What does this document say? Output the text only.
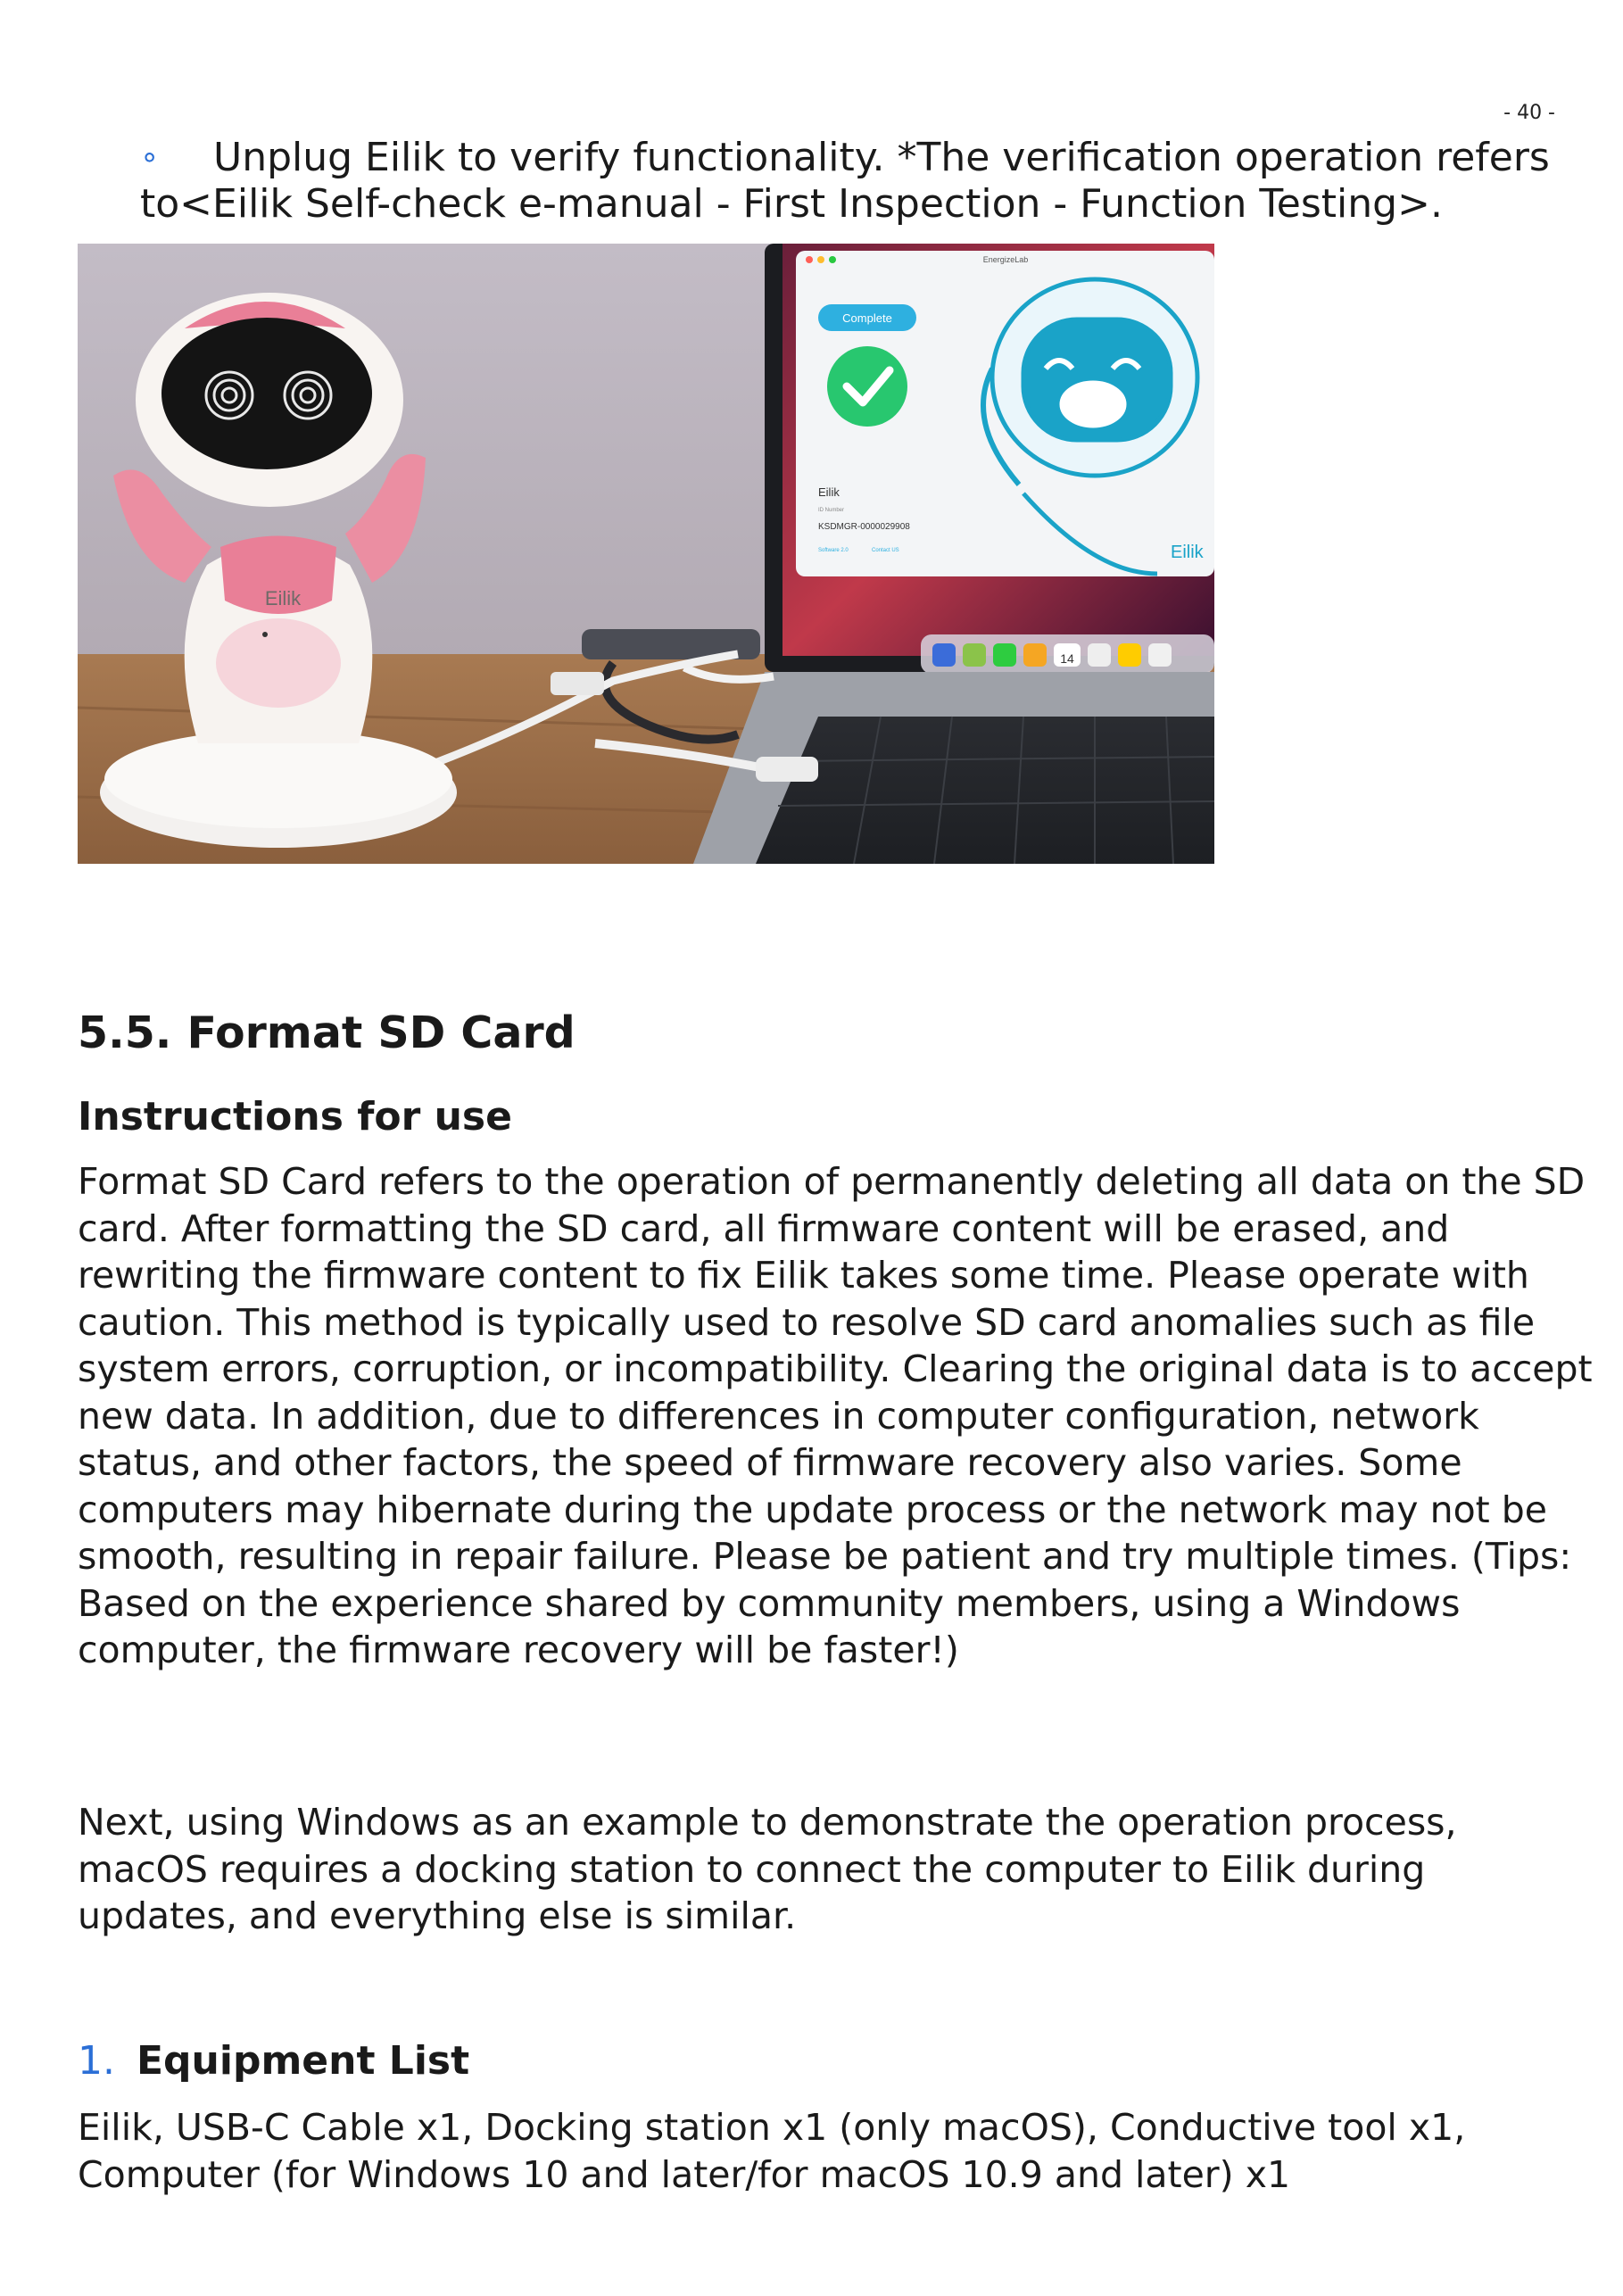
- 40 -
∘ Unplug Eilik to verify functionality. *The verification operation refers to<Eilik Self-check e-manual - First Inspection - Function Testing>.
EnergizeLab
Complete
Eilik
ID Number
KSDMGR-0000029908
Software 2.0	Contact US	Eilik
14
Eilik
5.5. Format SD Card
Instructions for use
Format SD Card refers to the operation of permanently deleting all data on the SD card. After formatting the SD card, all firmware content will be erased, and rewriting the firmware content to fix Eilik takes some time. Please operate with caution. This method is typically used to resolve SD card anomalies such as file system errors, corruption, or incompatibility. Clearing the original data is to accept new data. In addition, due to differences in computer configuration, network status, and other factors, the speed of firmware recovery also varies. Some computers may hibernate during the update process or the network may not be smooth, resulting in repair failure. Please be patient and try multiple times. (Tips: Based on the experience shared by community members, using a Windows computer, the firmware recovery will be faster!)
Next, using Windows as an example to demonstrate the operation process, macOS requires a docking station to connect the computer to Eilik during updates, and everything else is similar.
1. Equipment List
Eilik, USB-C Cable x1, Docking station x1 (only macOS), Conductive tool x1, Computer (for Windows 10 and later/for macOS 10.9 and later) x1
